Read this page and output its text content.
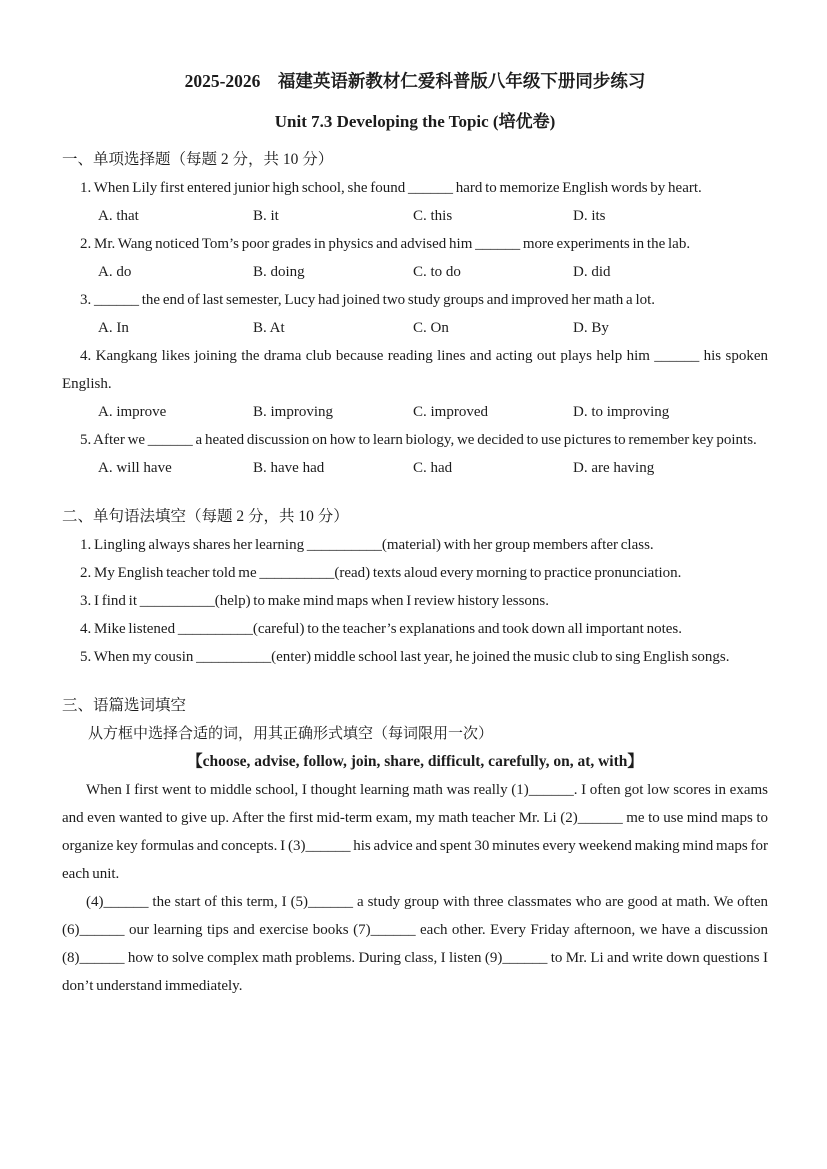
2025-2026　福建英语新教材仁爱科普版八年级下册同步练习
Unit 7.3 Developing the Topic (培优卷)
一、单项选择题（每题 2 分，共 10 分）

1. When Lily first entered junior high school, she found ______ hard to memorize English words by heart.

A. that	B. it	C. this	D. its

2. Mr. Wang noticed Tom’s poor grades in physics and advised him ______ more experiments in the lab.

A. do	B. doing	C. to do	D. did

3. ______ the end of last semester, Lucy had joined two study groups and improved her math a lot.

A. In	B. At	C. On	D. By

4. Kangkang likes joining the drama club because reading lines and acting out plays help him ______ his spoken English.

A. improve	B. improving	C. improved	D. to improving

5. After we ______ a heated discussion on how to learn biology, we decided to use pictures to remember key points.

A. will have	B. have had	C. had	D. are having
二、单句语法填空（每题 2 分，共 10 分）

1. Lingling always shares her learning __________(material) with her group members after class.

2. My English teacher told me __________(read) texts aloud every morning to practice pronunciation.

3. I find it __________(help) to make mind maps when I review history lessons.

4. Mike listened __________(careful) to the teacher’s explanations and took down all important notes.

5. When my cousin __________(enter) middle school last year, he joined the music club to sing English songs.

三、语篇选词填空
从方框中选择合适的词，用其正确形式填空（每词限用一次）
【choose, advise, follow, join, share, difficult, carefully, on, at, with】

When I first went to middle school, I thought learning math was really (1)______. I often got low scores in exams and even wanted to give up. After the first mid-term exam, my math teacher Mr. Li (2)______ me to use mind maps to organize key formulas and concepts. I (3)______ his advice and spent 30 minutes every weekend making mind maps for each unit.

(4)______ the start of this term, I (5)______ a study group with three classmates who are good at math. We often (6)______ our learning tips and exercise books (7)______ each other. Every Friday afternoon, we have a discussion (8)______ how to solve complex math problems. During class, I listen (9)______ to Mr. Li and write down questions I don’t understand immediately.
